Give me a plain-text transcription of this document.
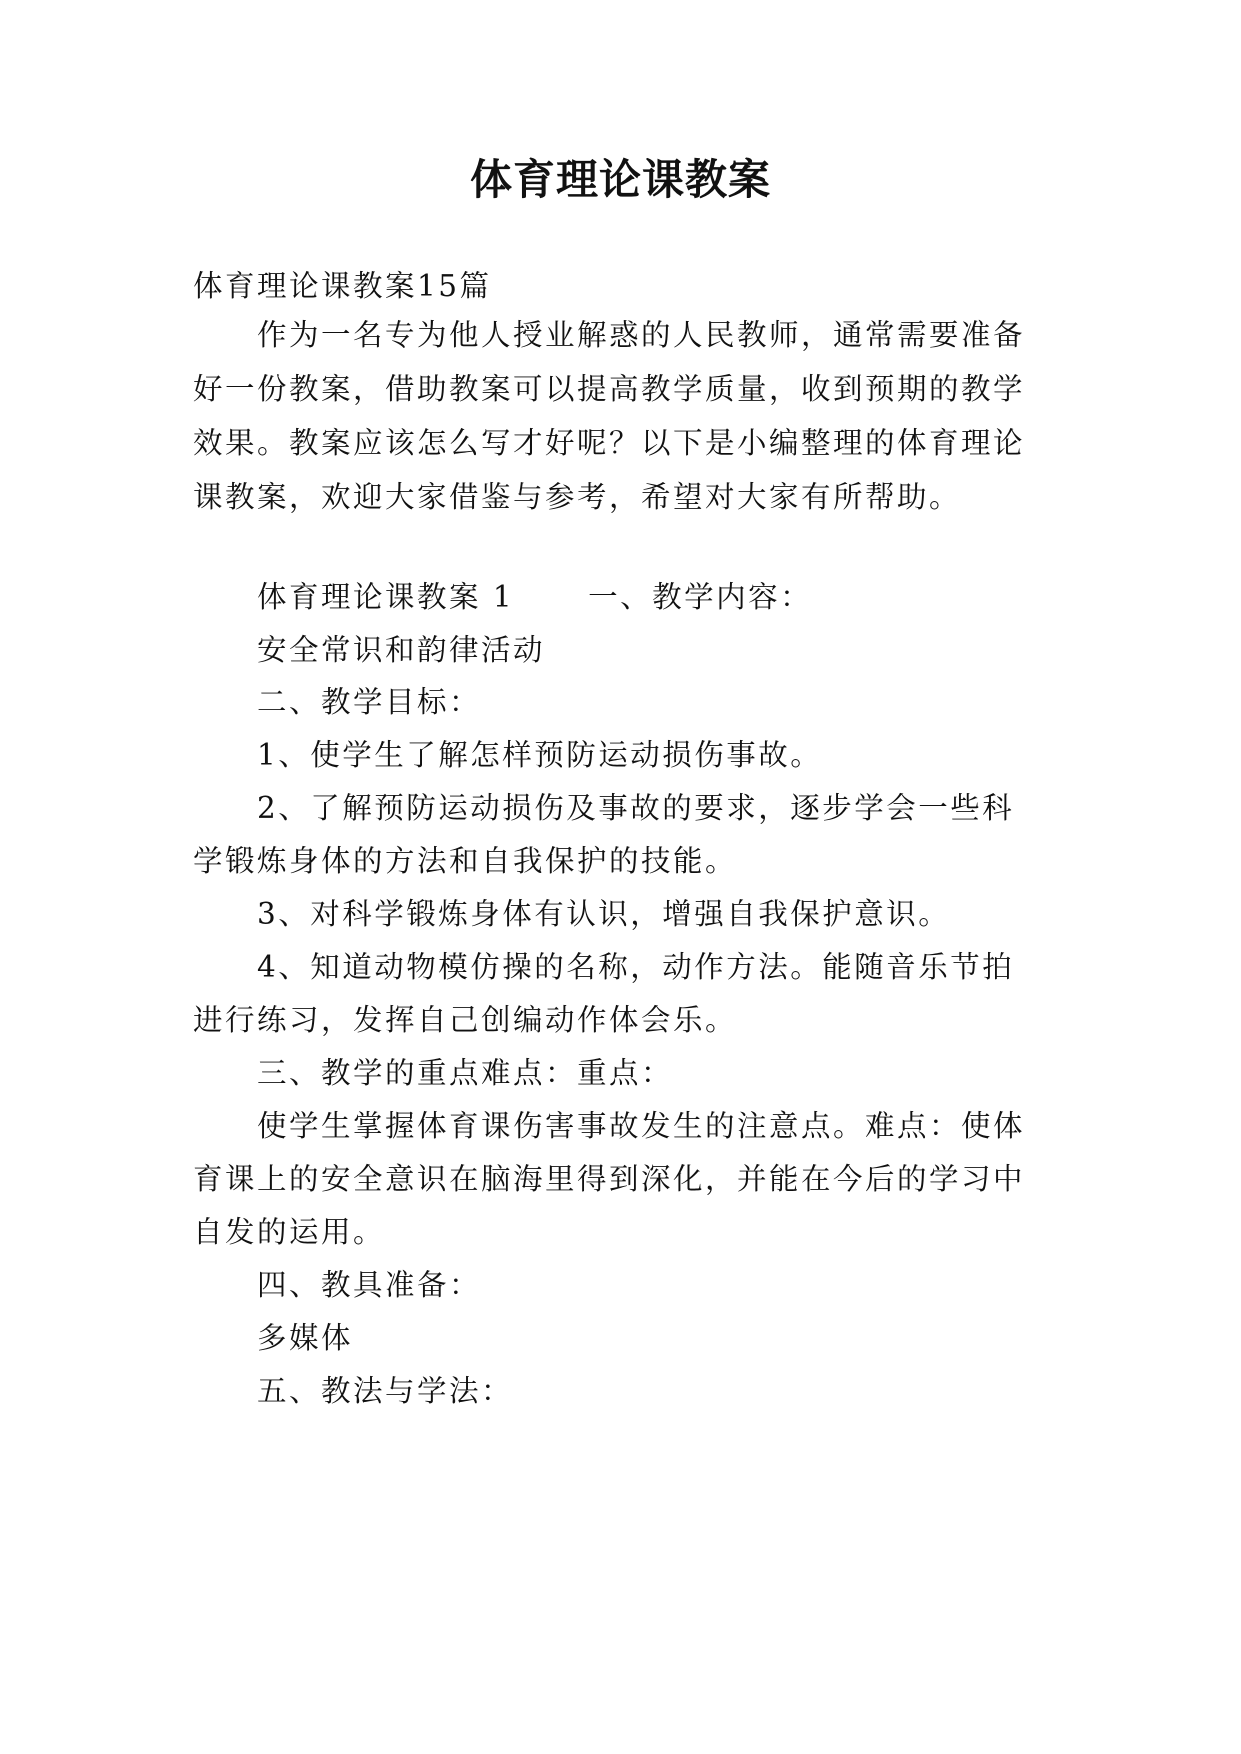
体育理论课教案
体育理论课教案15篇
作为一名专为他人授业解惑的人民教师，通常需要准备
好一份教案，借助教案可以提高教学质量，收到预期的教学
效果。教案应该怎么写才好呢？以下是小编整理的体育理论
课教案，欢迎大家借鉴与参考，希望对大家有所帮助。
体育理论课教案 1	一、教学内容：
安全常识和韵律活动
二、教学目标：
1、使学生了解怎样预防运动损伤事故。
2、了解预防运动损伤及事故的要求，逐步学会一些科
学锻炼身体的方法和自我保护的技能。
3、对科学锻炼身体有认识，增强自我保护意识。
4、知道动物模仿操的名称，动作方法。能随音乐节拍
进行练习，发挥自己创编动作体会乐。
三、教学的重点难点：重点：
使学生掌握体育课伤害事故发生的注意点。难点：使体
育课上的安全意识在脑海里得到深化，并能在今后的学习中
自发的运用。
四、教具准备：
多媒体
五、教法与学法：
